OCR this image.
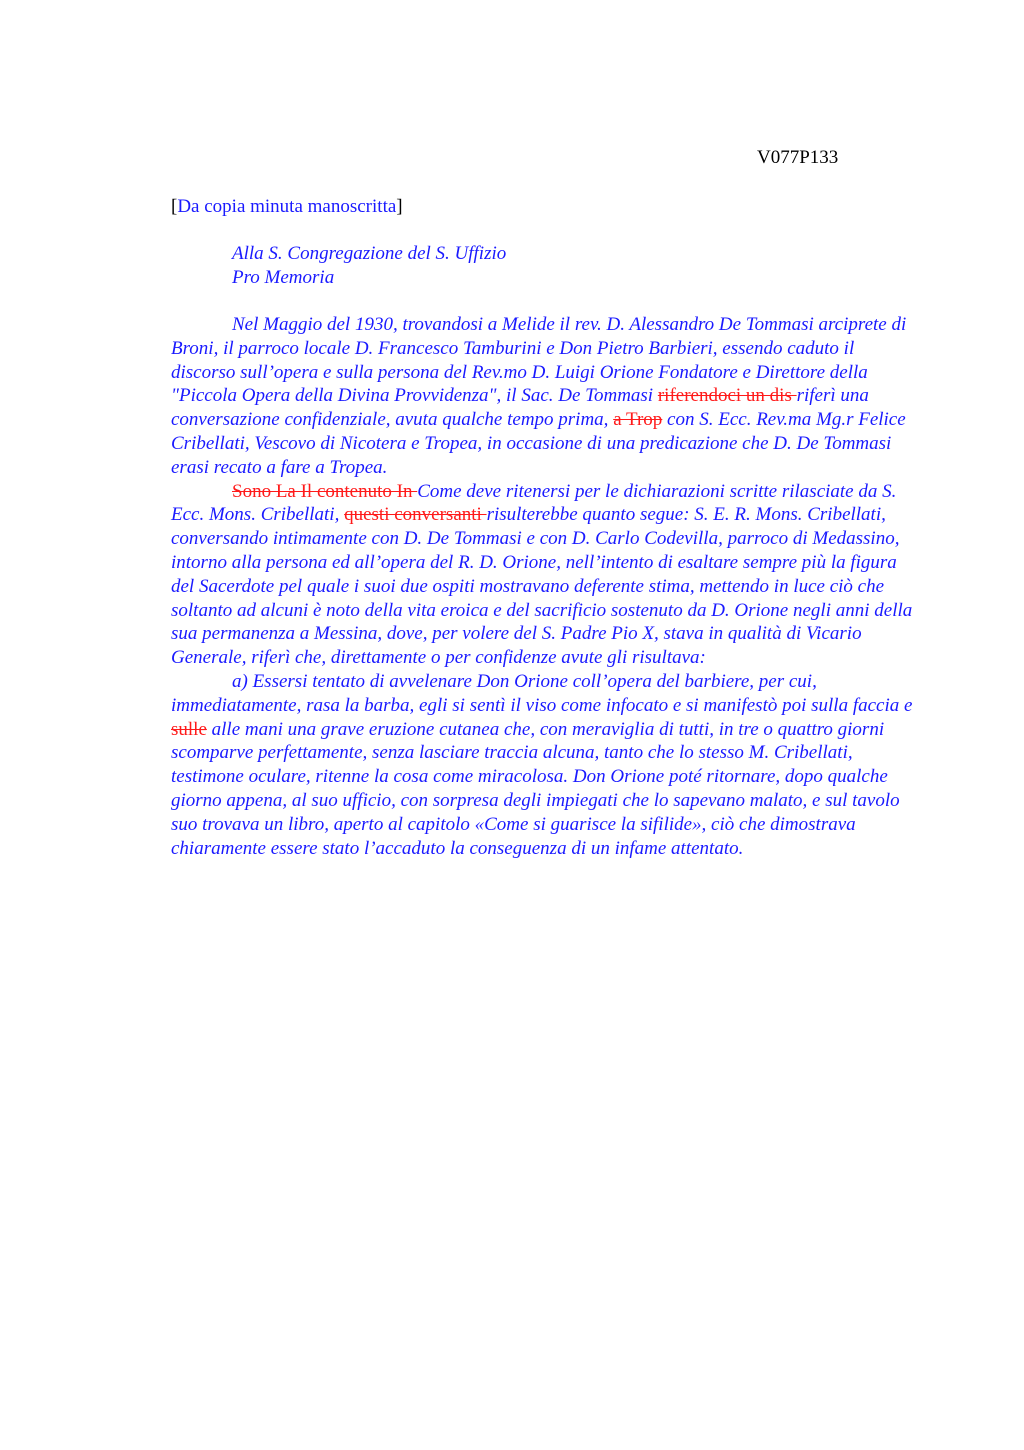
V077P133
[Da copia minuta manoscritta]
Alla S. Congregazione del S. Uffizio
Pro Memoria

Nel Maggio del 1930, trovandosi a Melide il rev. D. Alessandro De Tommasi arciprete di Broni, il parroco locale D. Francesco Tamburini e Don Pietro Barbieri, essendo caduto il discorso sull’opera e sulla persona del Rev.mo D. Luigi Orione Fondatore e Direttore della "Piccola Opera della Divina Provvidenza", il Sac. De Tommasi riferendoci un dis riferì una conversazione confidenziale, avuta qualche tempo prima, a Trop con S. Ecc. Rev.ma Mg.r Felice Cribellati, Vescovo di Nicotera e Tropea, in occasione di una predicazione che D. De Tommasi erasi recato a fare a Tropea.

Sono La Il contenuto In Come deve ritenersi per le dichiarazioni scritte rilasciate da S. Ecc. Mons. Cribellati, questi conversanti risulterebbe quanto segue: S. E. R. Mons. Cribellati, conversando intimamente con D. De Tommasi e con D. Carlo Codevilla, parroco di Medassino, intorno alla persona ed all’opera del R. D. Orione, nell’intento di esaltare sempre più la figura del Sacerdote pel quale i suoi due ospiti mostravano deferente stima, mettendo in luce ciò che soltanto ad alcuni è noto della vita eroica e del sacrificio sostenuto da D. Orione negli anni della sua permanenza a Messina, dove, per volere del S. Padre Pio X, stava in qualità di Vicario Generale, riferì che, direttamente o per confidenze avute gli risultava:

a) Essersi tentato di avvelenare Don Orione coll’opera del barbiere, per cui, immediatamente, rasa la barba, egli si sentì il viso come infocato e si manifestò poi sulla faccia e sulle alle mani una grave eruzione cutanea che, con meraviglia di tutti, in tre o quattro giorni scomparve perfettamente, senza lasciare traccia alcuna, tanto che lo stesso M. Cribellati, testimone oculare, ritenne la cosa come miracolosa. Don Orione poté ritornare, dopo qualche giorno appena, al suo ufficio, con sorpresa degli impiegati che lo sapevano malato, e sul tavolo suo trovava un libro, aperto al capitolo «Come si guarisce la sifilide», ciò che dimostrava chiaramente essere stato l’accaduto la conseguenza di un infame attentato.
